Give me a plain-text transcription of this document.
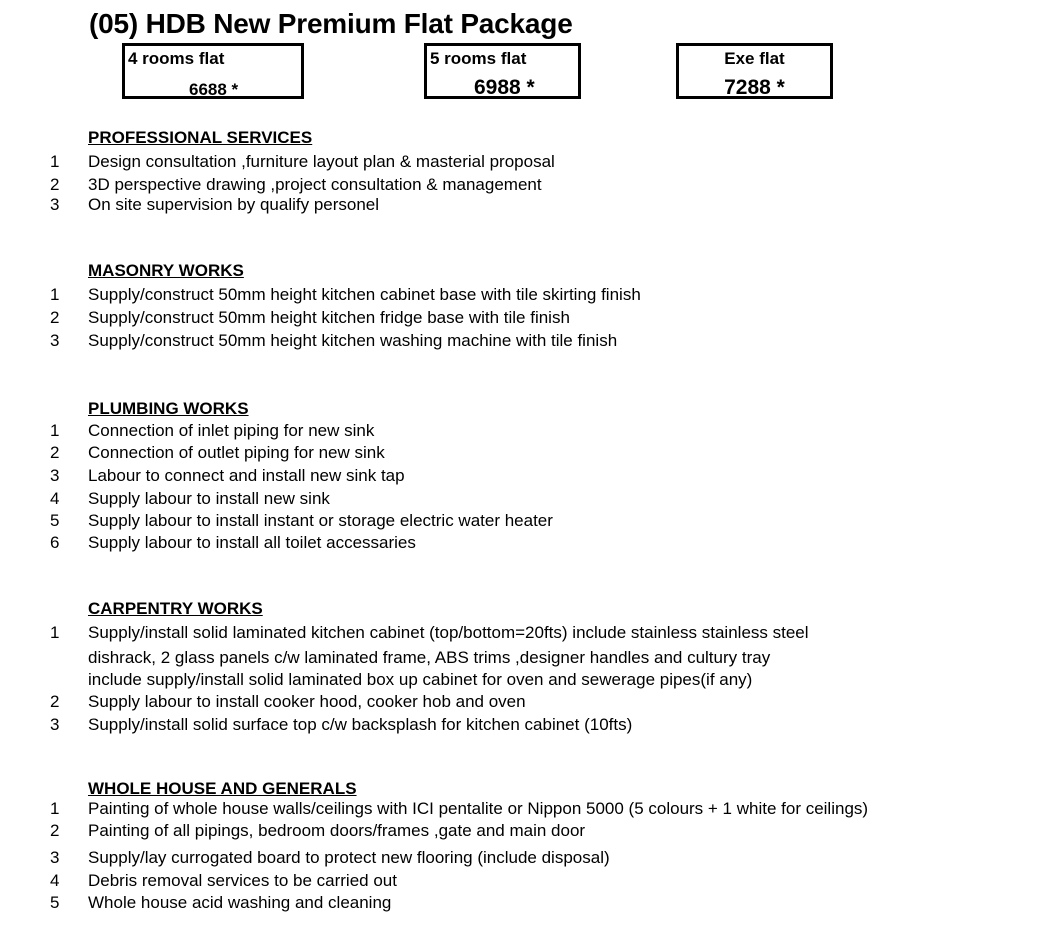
(05) HDB New Premium Flat Package
4 rooms flat
6688 *
5 rooms flat
6988 *
Exe flat
7288 *
PROFESSIONAL SERVICES
1 Design consultation ,furniture layout plan & masterial proposal
2 3D perspective drawing ,project consultation & management
3 On site supervision by qualify personel
MASONRY WORKS
1 Supply/construct 50mm height kitchen cabinet base with tile skirting finish
2 Supply/construct 50mm height kitchen fridge base with tile finish
3 Supply/construct 50mm height kitchen washing machine with tile finish
PLUMBING WORKS
1 Connection of inlet piping for new sink
2 Connection of outlet piping for new sink
3 Labour to connect and install new sink tap
4 Supply labour to install new sink
5 Supply labour to install instant or storage electric water heater
6 Supply labour to install all toilet accessaries
CARPENTRY WORKS
1 Supply/install solid laminated kitchen cabinet (top/bottom=20fts) include stainless stainless steel
dishrack, 2 glass panels c/w laminated frame, ABS trims ,designer handles and cultury tray
include supply/install solid laminated box up cabinet for oven and sewerage pipes(if any)
2 Supply labour to install cooker hood, cooker hob and oven
3 Supply/install solid surface top c/w backsplash for kitchen cabinet (10fts)
WHOLE HOUSE AND GENERALS
1 Painting of whole house walls/ceilings with ICI pentalite or Nippon 5000 (5 colours + 1 white for ceilings)
2 Painting of all pipings, bedroom doors/frames ,gate and main door
3 Supply/lay currogated board to protect new flooring (include disposal)
4 Debris removal services to be carried out
5 Whole house acid washing and cleaning
